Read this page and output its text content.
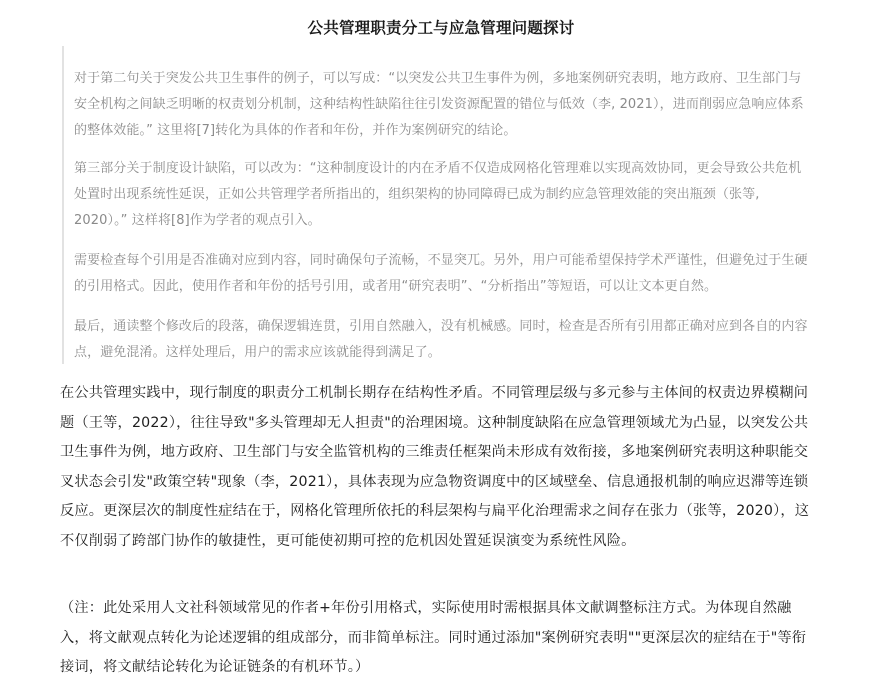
公共管理职责分工与应急管理问题探讨

对于第二句关于突发公共卫生事件的例子，可以写成：“以突发公共卫生事件为例，多地案例研究表明，地方政府、卫生部门与安全机构之间缺乏明晰的权责划分机制，这种结构性缺陷往往引发资源配置的错位与低效（李, 2021），进而削弱应急响应体系的整体效能。” 这里将[7]转化为具体的作者和年份，并作为案例研究的结论。

第三部分关于制度设计缺陷，可以改为：“这种制度设计的内在矛盾不仅造成网格化管理难以实现高效协同，更会导致公共危机处置时出现系统性延误，正如公共管理学者所指出的，组织架构的协同障碍已成为制约应急管理效能的突出瓶颈（张等, 2020）。” 这样将[8]作为学者的观点引入。

需要检查每个引用是否准确对应到内容，同时确保句子流畅，不显突兀。另外，用户可能希望保持学术严谨性，但避免过于生硬的引用格式。因此，使用作者和年份的括号引用，或者用“研究表明”、“分析指出”等短语，可以让文本更自然。

最后，通读整个修改后的段落，确保逻辑连贯，引用自然融入，没有机械感。同时，检查是否所有引用都正确对应到各自的内容点，避免混淆。这样处理后，用户的需求应该就能得到满足了。

在公共管理实践中，现行制度的职责分工机制长期存在结构性矛盾。不同管理层级与多元参与主体间的权责边界模糊问题（王等，2022），往往导致"多头管理却无人担责"的治理困境。这种制度缺陷在应急管理领域尤为凸显，以突发公共卫生事件为例，地方政府、卫生部门与安全监管机构的三维责任框架尚未形成有效衔接，多地案例研究表明这种职能交叉状态会引发"政策空转"现象（李，2021），具体表现为应急物资调度中的区域壁垒、信息通报机制的响应迟滞等连锁反应。更深层次的制度性症结在于，网格化管理所依托的科层架构与扁平化治理需求之间存在张力（张等，2020），这不仅削弱了跨部门协作的敏捷性，更可能使初期可控的危机因处置延误演变为系统性风险。

（注：此处采用人文社科领域常见的作者+年份引用格式，实际使用时需根据具体文献调整标注方式。为体现自然融入，将文献观点转化为论述逻辑的组成部分，而非简单标注。同时通过添加"案例研究表明""更深层次的症结在于"等衔接词，将文献结论转化为论证链条的有机环节。）
